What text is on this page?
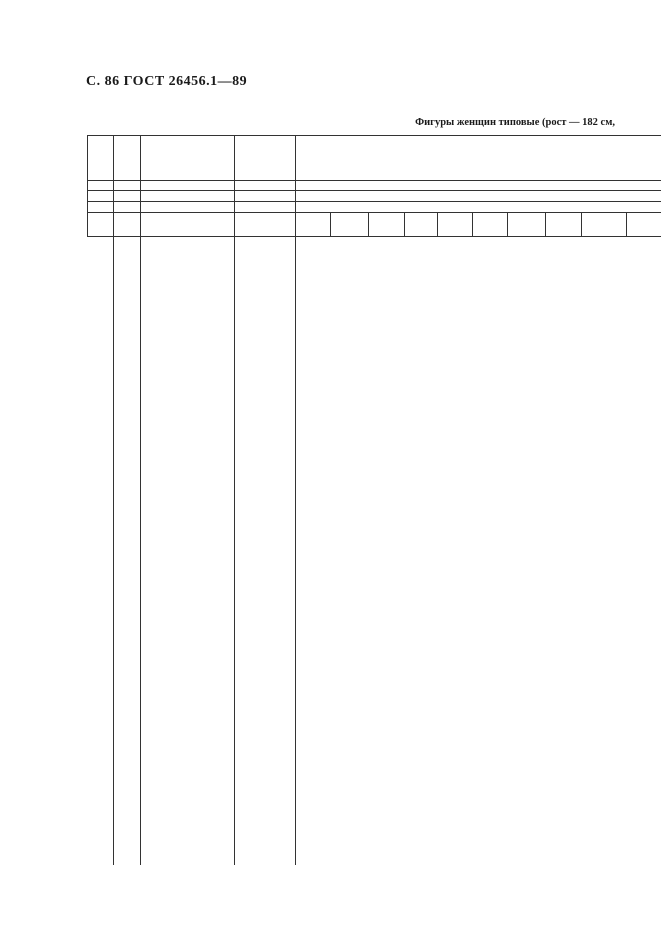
С. 86 ГОСТ 26456.1—89
Фигуры женщин типовые (рост — 182 см,
